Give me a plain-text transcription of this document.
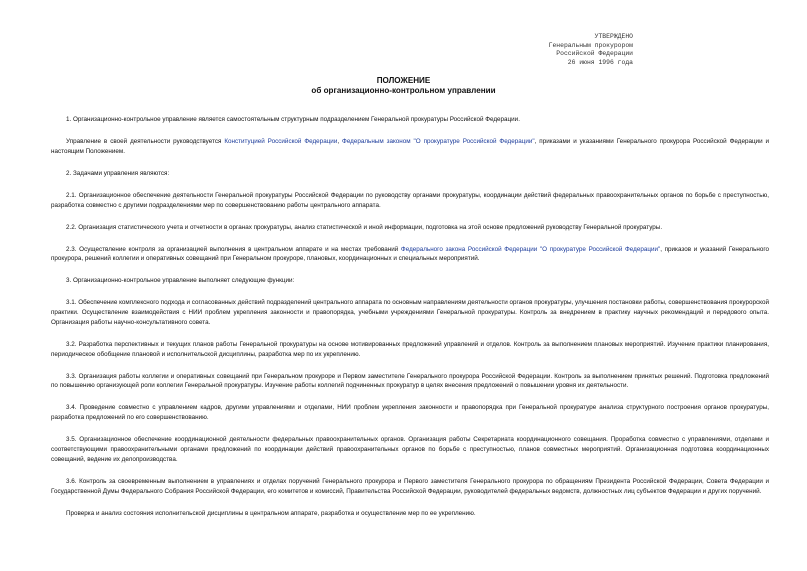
УТВЕРЖДЕНО
Генеральным прокурором
Российской Федерации
26 июня 1996 года
ПОЛОЖЕНИЕ
об организационно-контрольном управлении

1. Организационно-контрольное управление является самостоятельным структурным подразделением Генеральной прокуратуры Российской Федерации.

Управление в своей деятельности руководствуется Конституцией Российской Федерации, Федеральным законом "О прокуратуре Российской Федерации", приказами и указаниями Генерального прокурора Российской Федерации и настоящим Положением.

2. Задачами управления являются:

2.1. Организационное обеспечение деятельности Генеральной прокуратуры Российской Федерации по руководству органами прокуратуры, координации действий федеральных правоохранительных органов по борьбе с преступностью, разработка совместно с другими подразделениями мер по совершенствованию работы центрального аппарата.

2.2. Организация статистического учета и отчетности в органах прокуратуры, анализ статистической и иной информации, подготовка на этой основе предложений руководству Генеральной прокуратуры.

2.3. Осуществление контроля за организацией выполнения в центральном аппарате и на местах требований Федерального закона Российской Федерации "О прокуратуре Российской Федерации", приказов и указаний Генерального прокурора, решений коллегии и оперативных совещаний при Генеральном прокуроре, плановых, координационных и специальных мероприятий.

3. Организационно-контрольное управление выполняет следующие функции:

3.1. Обеспечение комплексного подхода и согласованных действий подразделений центрального аппарата по основным направлениям деятельности органов прокуратуры, улучшения постановки работы, совершенствования прокурорской практики. Осуществление взаимодействия с НИИ проблем укрепления законности и правопорядка, учебными учреждениями Генеральной прокуратуры. Контроль за внедрением в практику научных рекомендаций и передового опыта. Организация работы научно-консультативного совета.

3.2. Разработка перспективных и текущих планов работы Генеральной прокуратуры на основе мотивированных предложений управлений и отделов. Контроль за выполнением плановых мероприятий. Изучение практики планирования, периодическое обобщение плановой и исполнительской дисциплины, разработка мер по их укреплению.

3.3. Организация работы коллегии и оперативных совещаний при Генеральном прокуроре и Первом заместителе Генерального прокурора Российской Федерации. Контроль за выполнением принятых решений. Подготовка предложений по повышению организующей роли коллегии Генеральной прокуратуры. Изучение работы коллегий подчиненных прокуратур в целях внесения предложений о повышении уровня их деятельности.

3.4. Проведение совместно с управлением кадров, другими управлениями и отделами, НИИ проблем укрепления законности и правопорядка при Генеральной прокуратуре анализа структурного построения органов прокуратуры, разработка предложений по его совершенствованию.

3.5. Организационное обеспечение координационной деятельности федеральных правоохранительных органов. Организация работы Секретариата координационного совещания. Проработка совместно с управлениями, отделами и соответствующими правоохранительными органами предложений по координации действий правоохранительных органов по борьбе с преступностью, планов совместных мероприятий. Организационная подготовка координационных совещаний, ведение их делопроизводства.

3.6. Контроль за своевременным выполнением в управлениях и отделах поручений Генерального прокурора и Первого заместителя Генерального прокурора по обращениям Президента Российской Федерации, Совета Федерации и Государственной Думы Федерального Собрания Российской Федерации, его комитетов и комиссий, Правительства Российской Федерации, руководителей федеральных ведомств, должностных лиц субъектов Федерации и других поручений.

Проверка и анализ состояния исполнительской дисциплины в центральном аппарате, разработка и осуществление мер по ее укреплению.
